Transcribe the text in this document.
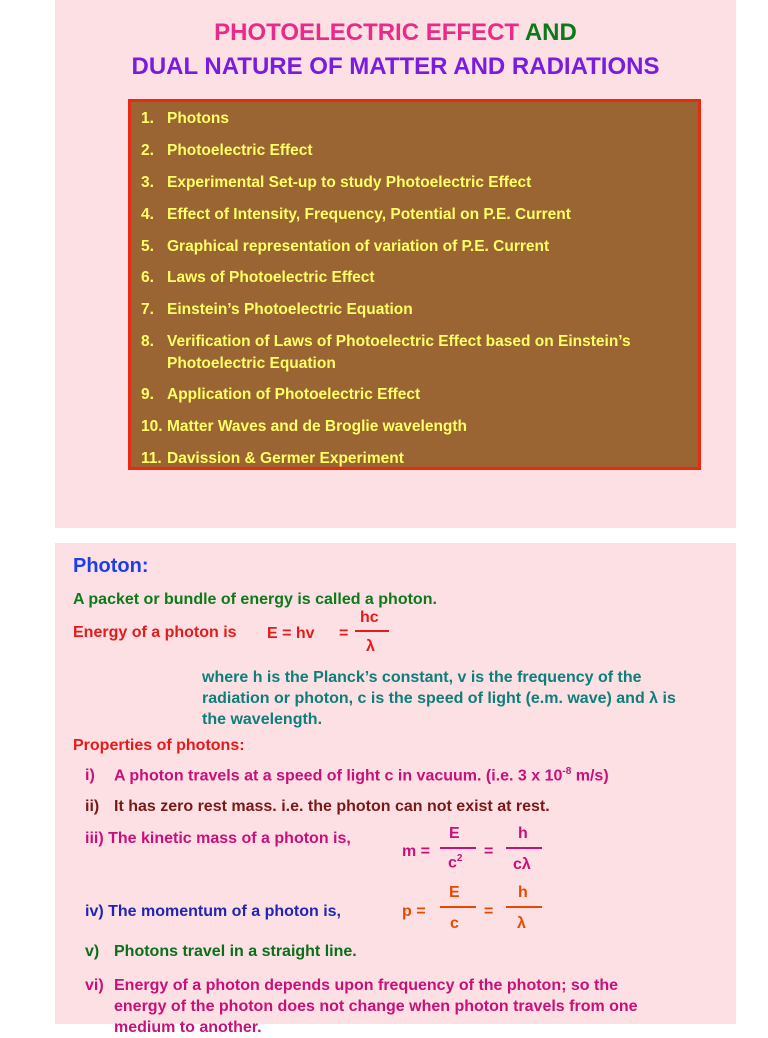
PHOTOELECTRIC EFFECT AND
DUAL NATURE OF MATTER AND RADIATIONS
1. Photons
2. Photoelectric Effect
3. Experimental Set-up to study Photoelectric Effect
4. Effect of Intensity, Frequency, Potential on P.E. Current
5. Graphical representation of variation of P.E. Current
6. Laws of Photoelectric Effect
7. Einstein’s Photoelectric Equation
8. Verification of Laws of Photoelectric Effect based on Einstein’s Photoelectric Equation
9. Application of Photoelectric Effect
10. Matter Waves and de Broglie wavelength
11. Davission & Germer Experiment
Photon:
A packet or bundle of energy is called a photon.
Energy of a photon is E = hv =
hc
λ
where h is the Planck’s constant, v is the frequency of the
radiation or photon, c is the speed of light (e.m. wave) and λ is
the wavelength.
Properties of photons:
i) A photon travels at a speed of light c in vacuum. (i.e. 3 x $10^{-8}$ m/s)
ii) It has zero rest mass. i.e. the photon can not exist at rest.
iii) The kinetic mass of a photon is,
m =
E
$c^2$ =
h
cλ
E
c
=
h
λ
iv) The momentum of a photon is,	p =
v) Photons travel in a straight line.
vi) Energy of a photon depends upon frequency of the photon; so the
energy of the photon does not change when photon travels from one
medium to another.
